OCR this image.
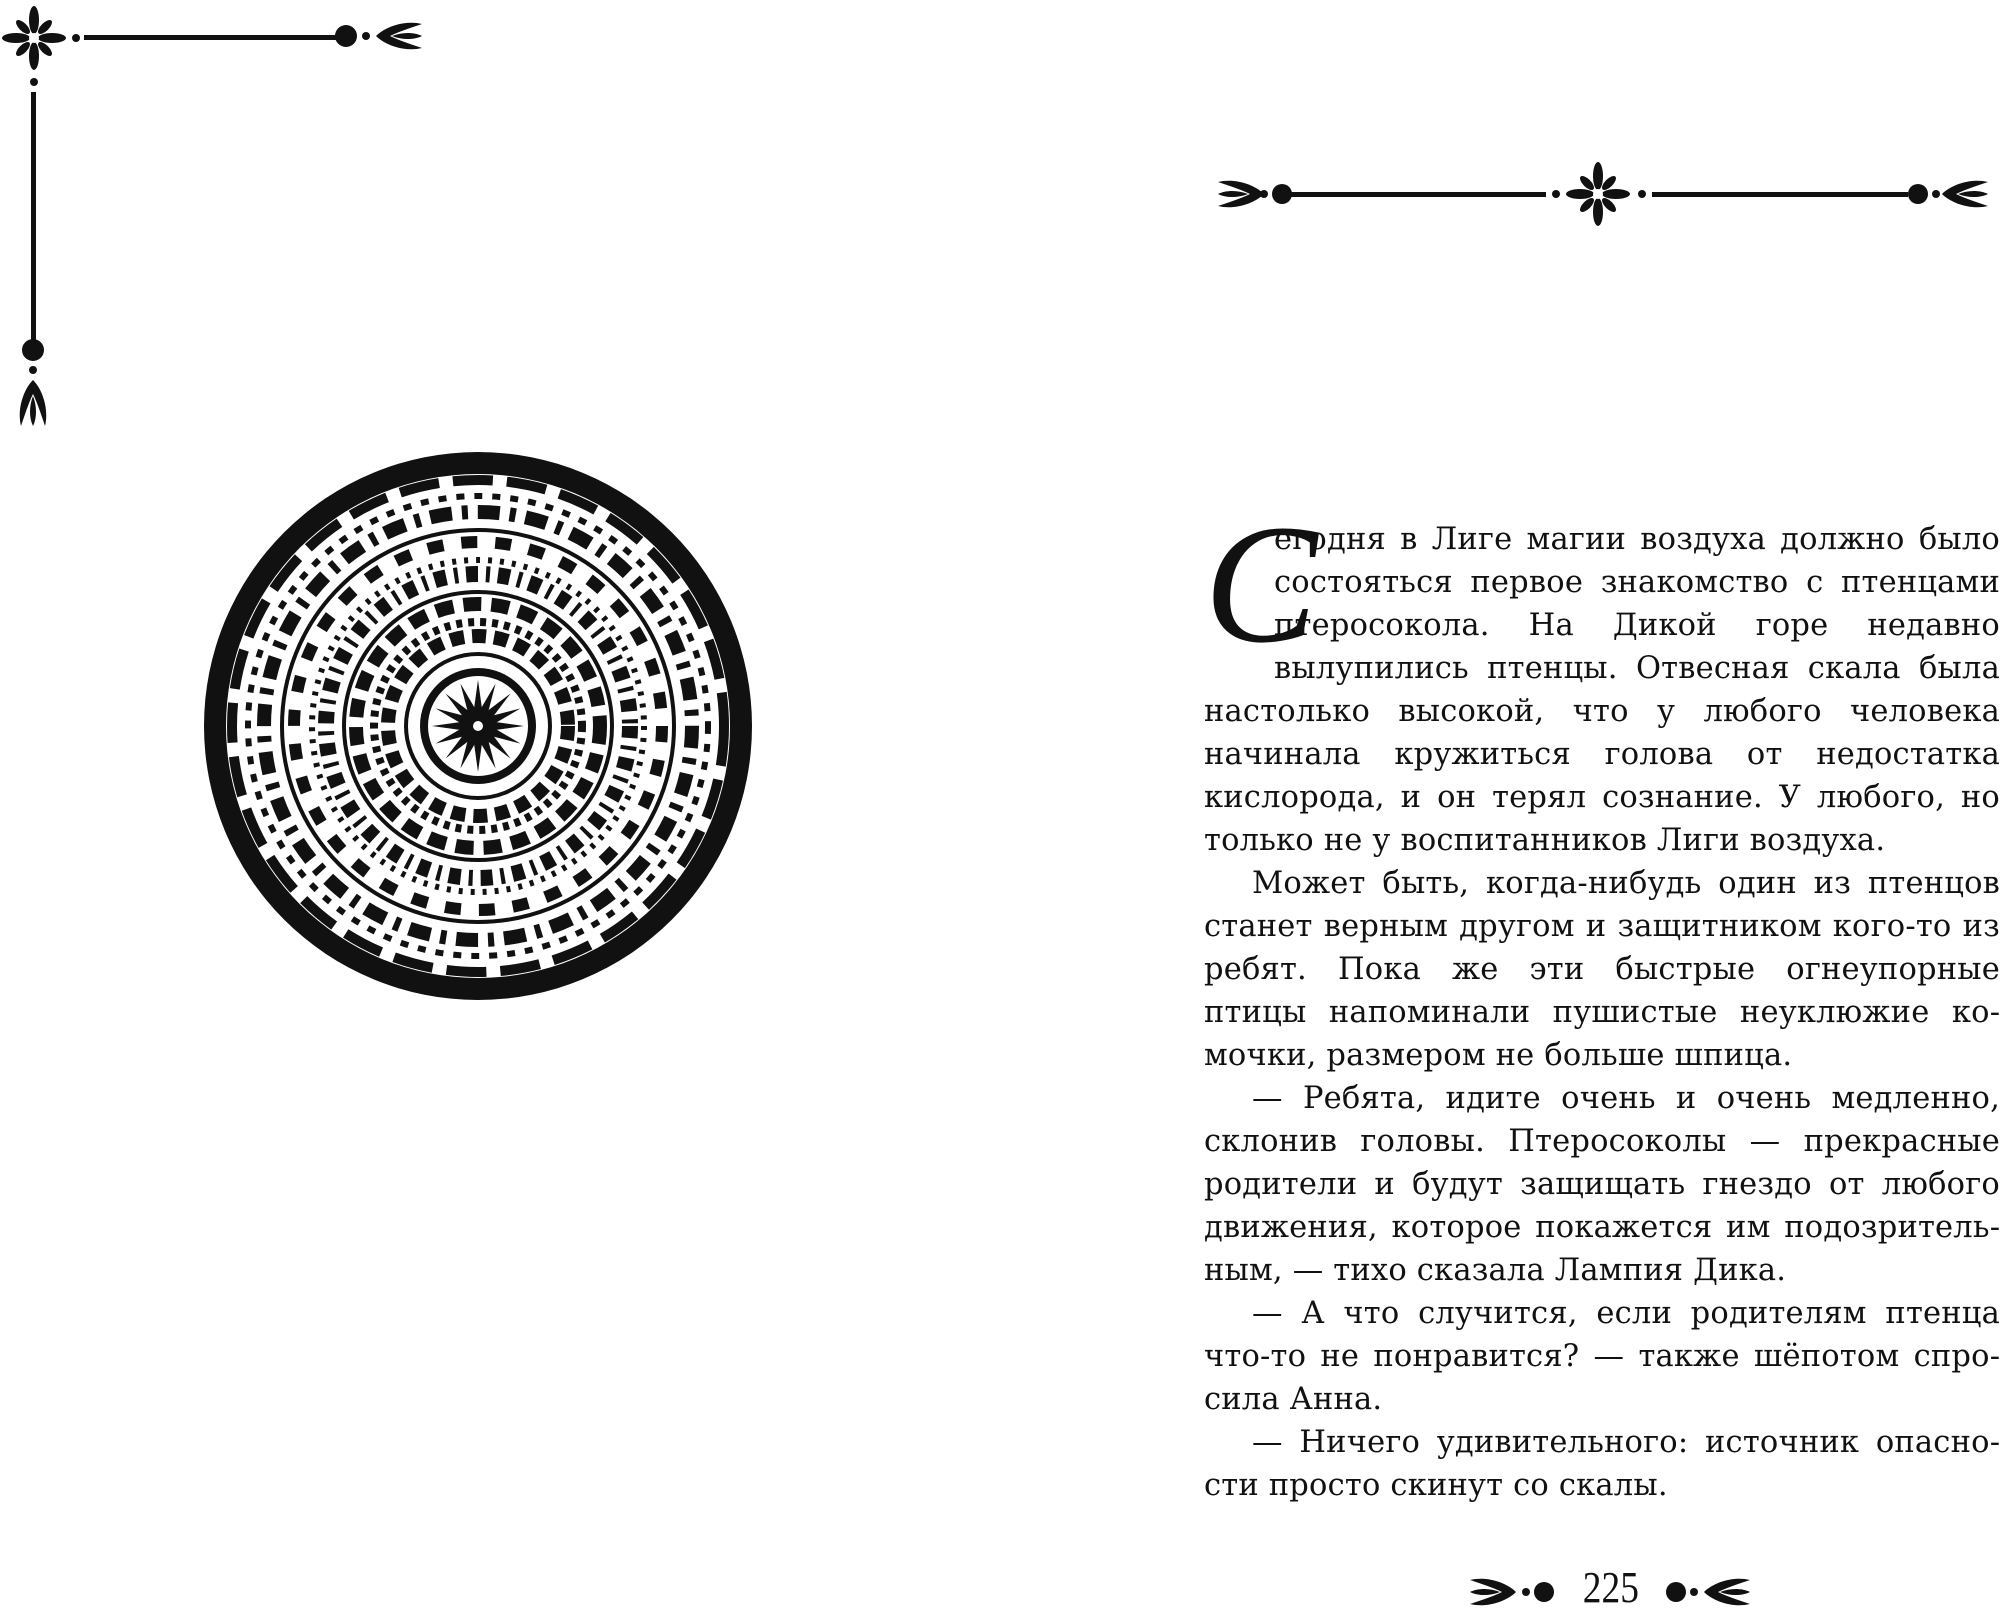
С
егодня в Лиге магии воздуха должно было состояться первое знакомство с птенцами птеросокола. На Дикой горе недавно вылупились птенцы. Отвесная скала была настолько высокой, что у любого человека начинала кружиться голова от недостатка кислорода, и он терял сознание. У любого, но только не у воспитанников Лиги воздуха.

Может быть, когда-нибудь один из птенцов станет верным другом и защитником кого-то из ребят. Пока же эти быстрые огнеупорные птицы напоминали пушистые неуклюжие комочки, размером не больше шпица.

— Ребята, идите очень и очень медленно, склонив головы. Птеросоколы — прекрасные родители и будут защищать гнездо от любого движения, которое покажется им подозрительным, — тихо сказала Лампия Дика.

— А что случится, если родителям птенца что-то не понравится? — также шёпотом спросила Анна.

— Ничего удивительного: источник опасности просто скинут со скалы.

225
